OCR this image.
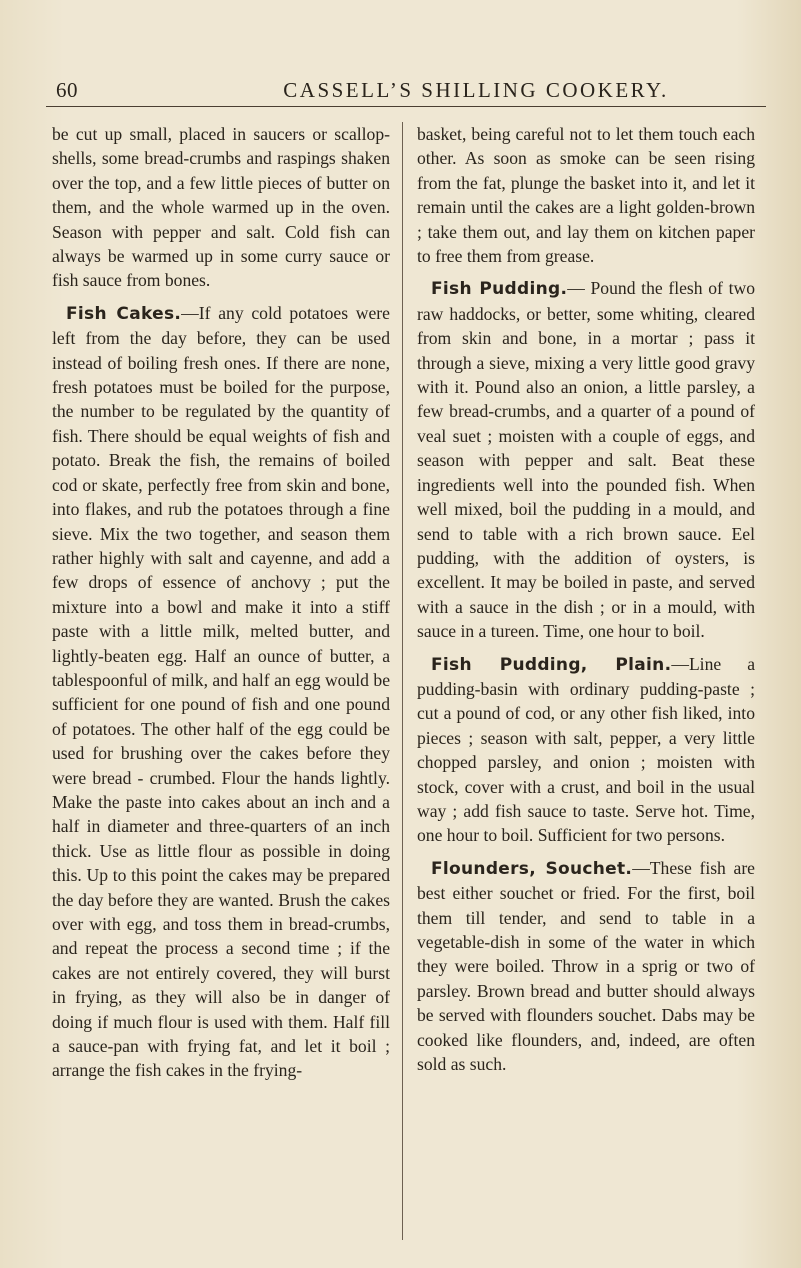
60	CASSELL’S SHILLING COOKERY.

be cut up small, placed in saucers or scallop-shells, some bread-crumbs and raspings shaken over the top, and a few little pieces of butter on them, and the whole warmed up in the oven. Season with pepper and salt. Cold fish can always be warmed up in some curry sauce or fish sauce from bones.

Fish Cakes.—If any cold potatoes were left from the day before, they can be used instead of boiling fresh ones. If there are none, fresh potatoes must be boiled for the purpose, the number to be regulated by the quantity of fish. There should be equal weights of fish and potato. Break the fish, the remains of boiled cod or skate, perfectly free from skin and bone, into flakes, and rub the potatoes through a fine sieve. Mix the two together, and season them rather highly with salt and cayenne, and add a few drops of essence of anchovy ; put the mixture into a bowl and make it into a stiff paste with a little milk, melted butter, and lightly-beaten egg. Half an ounce of butter, a tablespoonful of milk, and half an egg would be sufficient for one pound of fish and one pound of potatoes. The other half of the egg could be used for brushing over the cakes before they were bread - crumbed. Flour the hands lightly. Make the paste into cakes about an inch and a half in diameter and three-quarters of an inch thick. Use as little flour as possible in doing this. Up to this point the cakes may be prepared the day before they are wanted. Brush the cakes over with egg, and toss them in bread-crumbs, and repeat the process a second time ; if the cakes are not entirely covered, they will burst in frying, as they will also be in danger of doing if much flour is used with them. Half fill a sauce-pan with frying fat, and let it boil ; arrange the fish cakes in the frying-

basket, being careful not to let them touch each other. As soon as smoke can be seen rising from the fat, plunge the basket into it, and let it remain until the cakes are a light golden-brown ; take them out, and lay them on kitchen paper to free them from grease.

Fish Pudding.— Pound the flesh of two raw haddocks, or better, some whiting, cleared from skin and bone, in a mortar ; pass it through a sieve, mixing a very little good gravy with it. Pound also an onion, a little parsley, a few bread-crumbs, and a quarter of a pound of veal suet ; moisten with a couple of eggs, and season with pepper and salt. Beat these ingredients well into the pounded fish. When well mixed, boil the pudding in a mould, and send to table with a rich brown sauce. Eel pudding, with the addition of oysters, is excellent. It may be boiled in paste, and served with a sauce in the dish ; or in a mould, with sauce in a tureen. Time, one hour to boil.

Fish Pudding, Plain.—Line a pudding-basin with ordinary pudding-paste ; cut a pound of cod, or any other fish liked, into pieces ; season with salt, pepper, a very little chopped parsley, and onion ; moisten with stock, cover with a crust, and boil in the usual way ; add fish sauce to taste. Serve hot. Time, one hour to boil. Sufficient for two persons.

Flounders, Souchet.—These fish are best either souchet or fried. For the first, boil them till tender, and send to table in a vegetable-dish in some of the water in which they were boiled. Throw in a sprig or two of parsley. Brown bread and butter should always be served with flounders souchet. Dabs may be cooked like flounders, and, indeed, are often sold as such.
